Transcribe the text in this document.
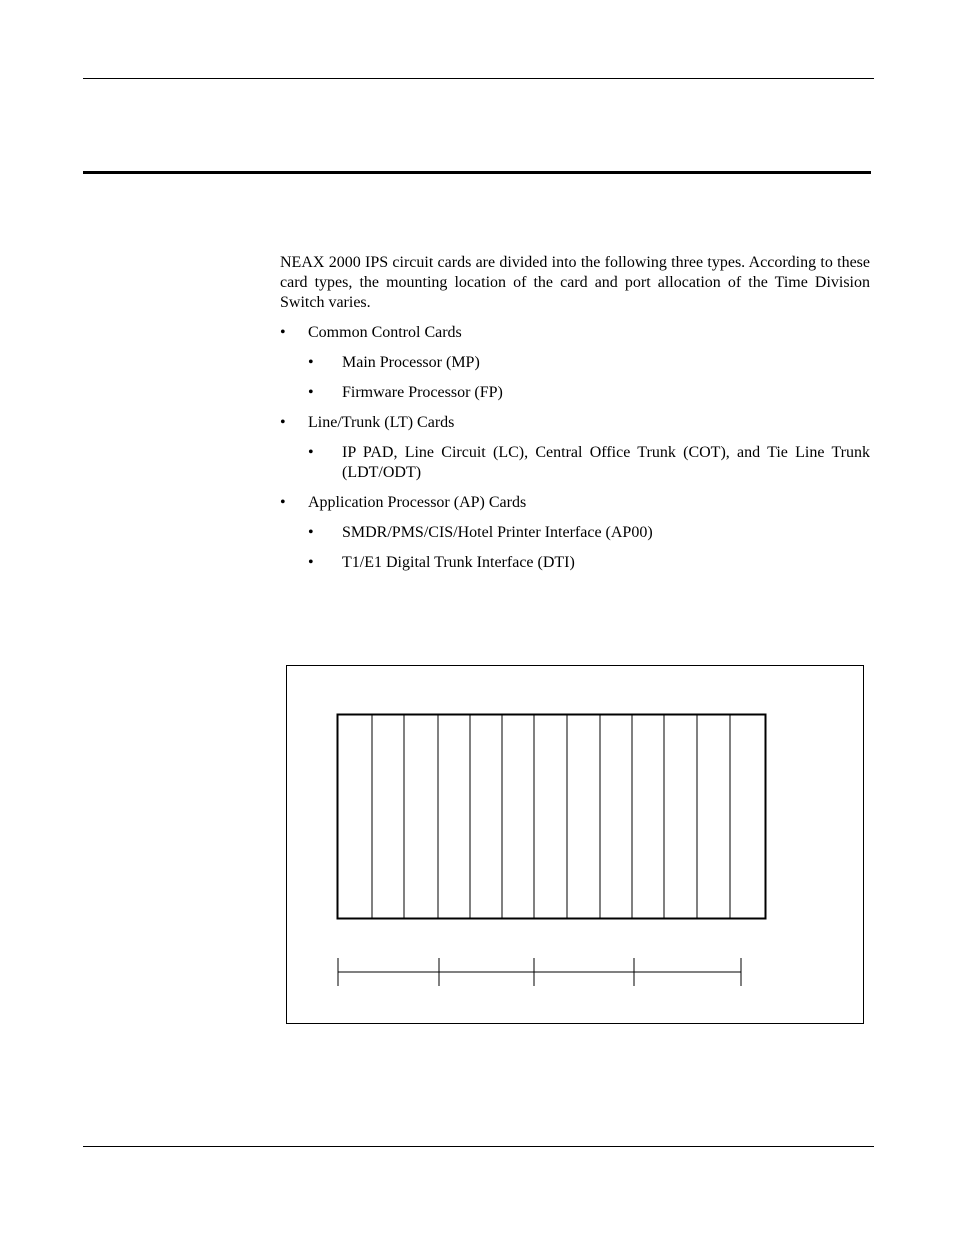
NEAX 2000 IPS circuit cards are divided into the following three types. According to these card types, the mounting location of the card and port allocation of the Time Division Switch varies.

•	Common Control Cards
•	Main Processor (MP)
•	Firmware Processor (FP)
•	Line/Trunk (LT) Cards
•	IP PAD, Line Circuit (LC), Central Office Trunk (COT), and Tie Line Trunk (LDT/ODT)
•	Application Processor (AP) Cards
•	SMDR/PMS/CIS/Hotel Printer Interface (AP00)
•	T1/E1 Digital Trunk Interface (DTI)
